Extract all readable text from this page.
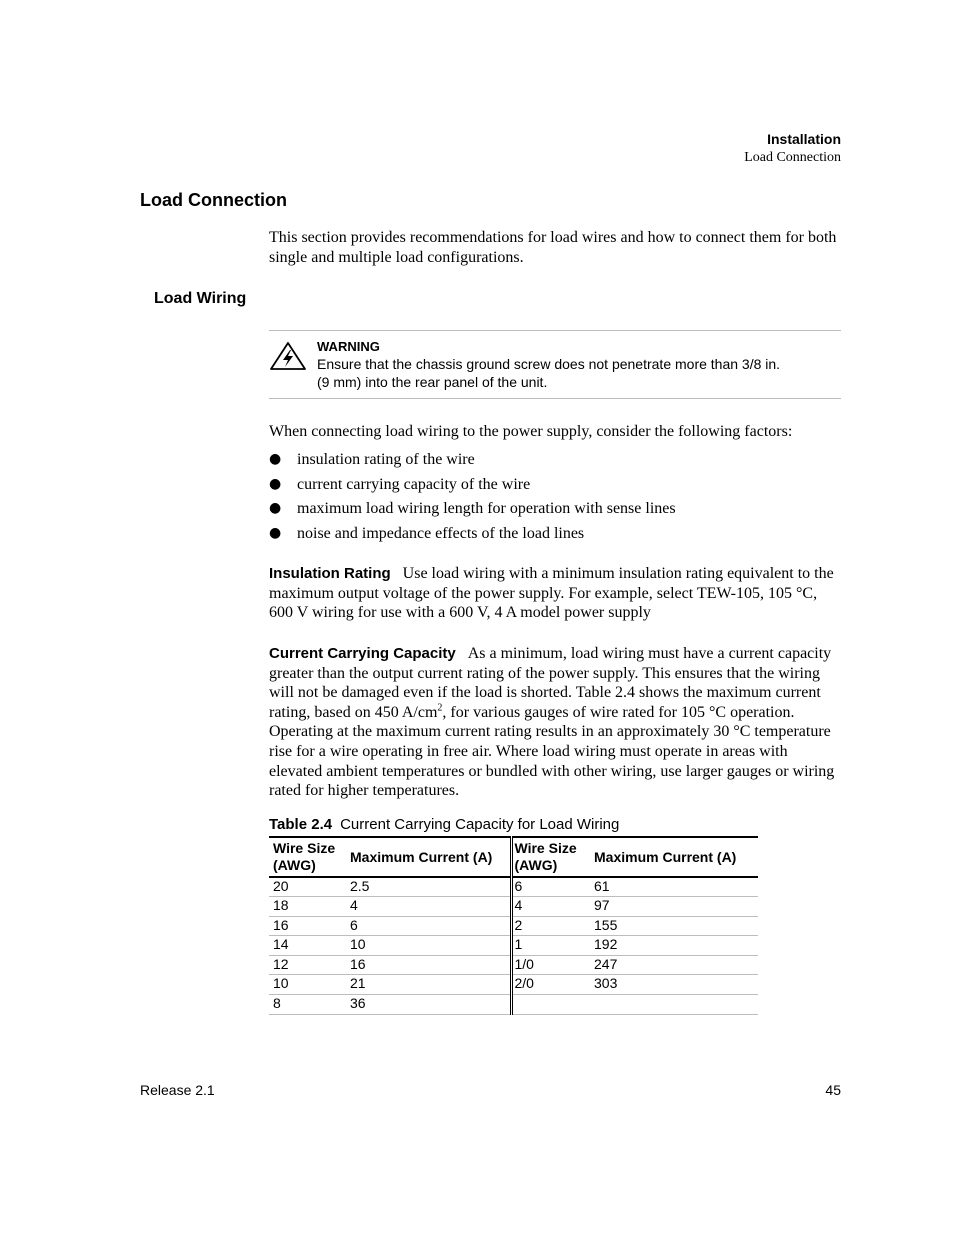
Installation
Load Connection
Load Connection
This section provides recommendations for load wires and how to connect them for both single and multiple load configurations.
Load Wiring
WARNING
Ensure that the chassis ground screw does not penetrate more than 3/8 in.
(9 mm) into the rear panel of the unit.
When connecting load wiring to the power supply, consider the following factors:
● insulation rating of the wire
● current carrying capacity of the wire
● maximum load wiring length for operation with sense lines
● noise and impedance effects of the load lines
Insulation Rating Use load wiring with a minimum insulation rating equivalent to the maximum output voltage of the power supply. For example, select TEW-105, 105 °C, 600 V wiring for use with a 600 V, 4 A model power supply
Current Carrying Capacity As a minimum, load wiring must have a current capacity greater than the output current rating of the power supply. This ensures that the wiring will not be damaged even if the load is shorted. Table 2.4 shows the maximum current rating, based on 450 $A/cm^2$, for various gauges of wire rated for 105 °C operation. Operating at the maximum current rating results in an approximately 30 °C temperature rise for a wire operating in free air. Where load wiring must operate in areas with elevated ambient temperatures or bundled with other wiring, use larger gauges or wiring rated for higher temperatures.
Table 2.4 Current Carrying Capacity for Load Wiring
Wire Size (AWG)	Maximum Current (A)	Wire Size (AWG)	Maximum Current (A)
20	2.5	6	61
18	4	4	97
16	6	2	155
14	10	1	192
12	16	1/0	247
10	21	2/0	303
8	36		
Release 2.1	45
